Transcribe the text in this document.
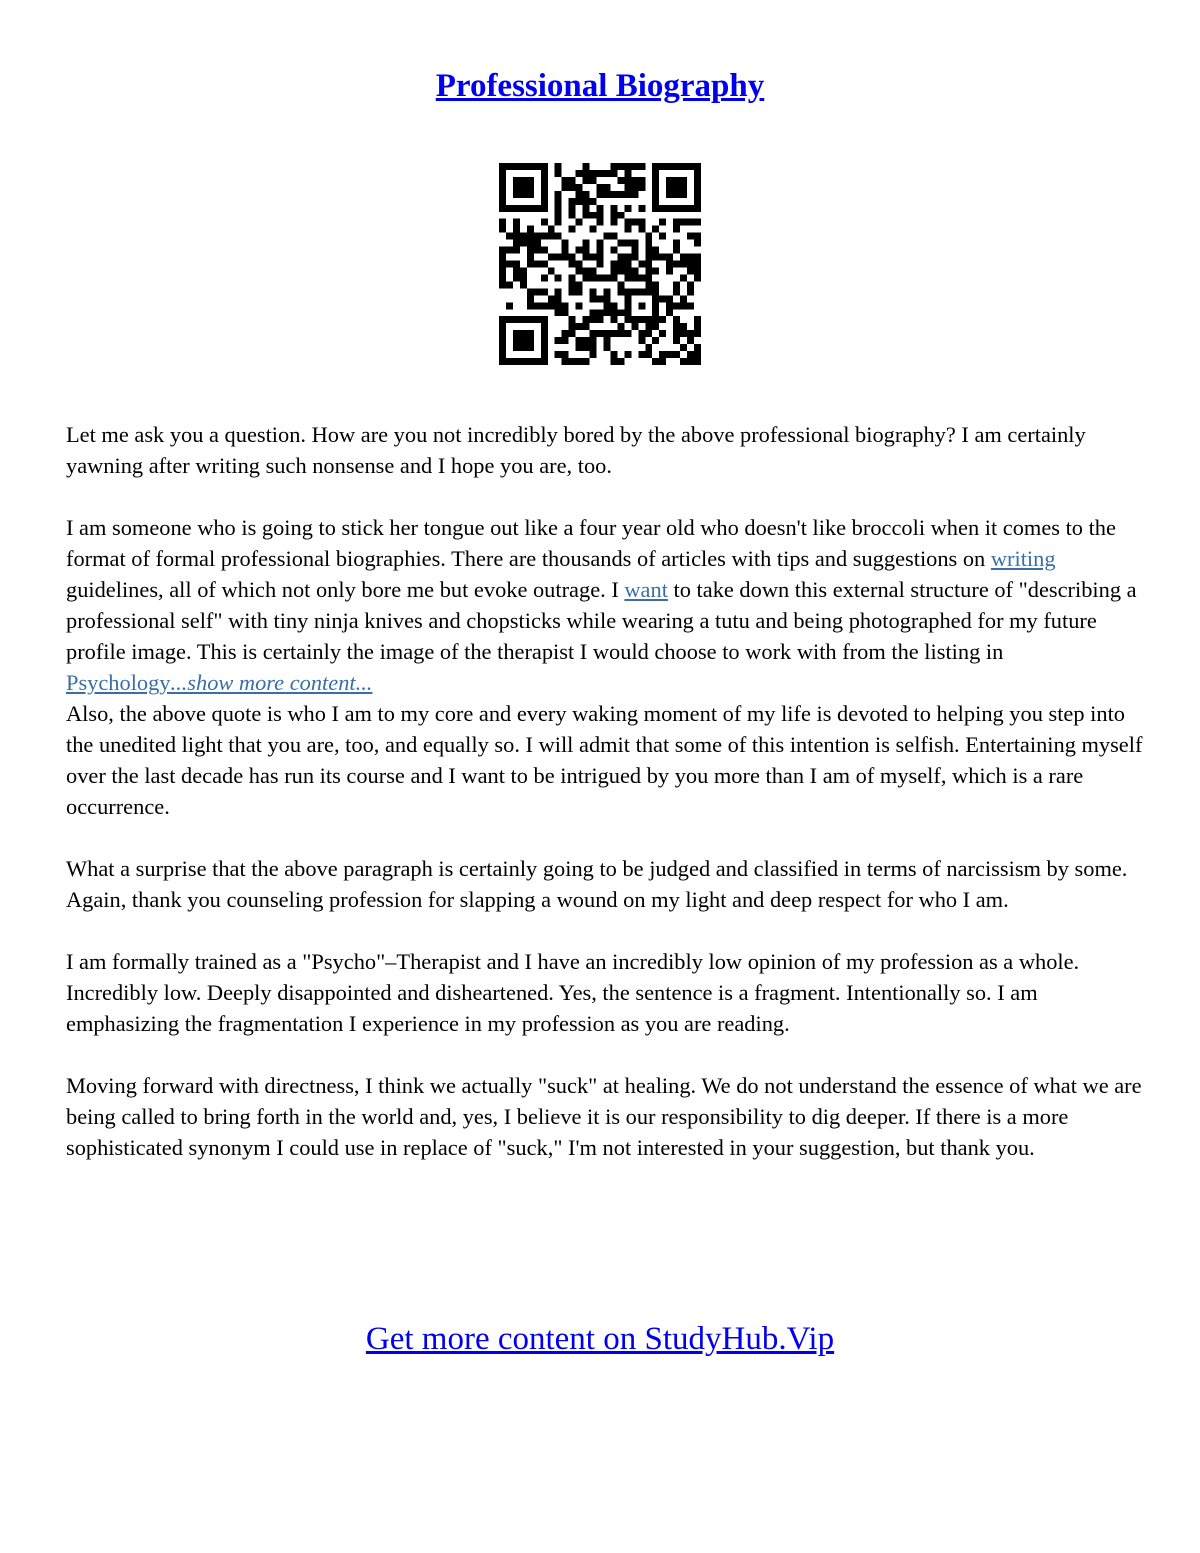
Professional Biography

Let me ask you a question. How are you not incredibly bored by the above professional biography? I am certainly yawning after writing such nonsense and I hope you are, too.

I am someone who is going to stick her tongue out like a four year old who doesn't like broccoli when it comes to the format of formal professional biographies. There are thousands of articles with tips and suggestions on writing guidelines, all of which not only bore me but evoke outrage. I want to take down this external structure of "describing a professional self" with tiny ninja knives and chopsticks while wearing a tutu and being photographed for my future profile image. This is certainly the image of the therapist I would choose to work with from the listing in Psychology...show more content...

Also, the above quote is who I am to my core and every waking moment of my life is devoted to helping you step into the unedited light that you are, too, and equally so. I will admit that some of this intention is selfish. Entertaining myself over the last decade has run its course and I want to be intrigued by you more than I am of myself, which is a rare occurrence.

What a surprise that the above paragraph is certainly going to be judged and classified in terms of narcissism by some. Again, thank you counseling profession for slapping a wound on my light and deep respect for who I am.

I am formally trained as a "Psycho"–Therapist and I have an incredibly low opinion of my profession as a whole. Incredibly low. Deeply disappointed and disheartened. Yes, the sentence is a fragment. Intentionally so. I am emphasizing the fragmentation I experience in my profession as you are reading.

Moving forward with directness, I think we actually "suck" at healing. We do not understand the essence of what we are being called to bring forth in the world and, yes, I believe it is our responsibility to dig deeper. If there is a more sophisticated synonym I could use in replace of "suck," I'm not interested in your suggestion, but thank you.

Get more content on StudyHub.Vip
